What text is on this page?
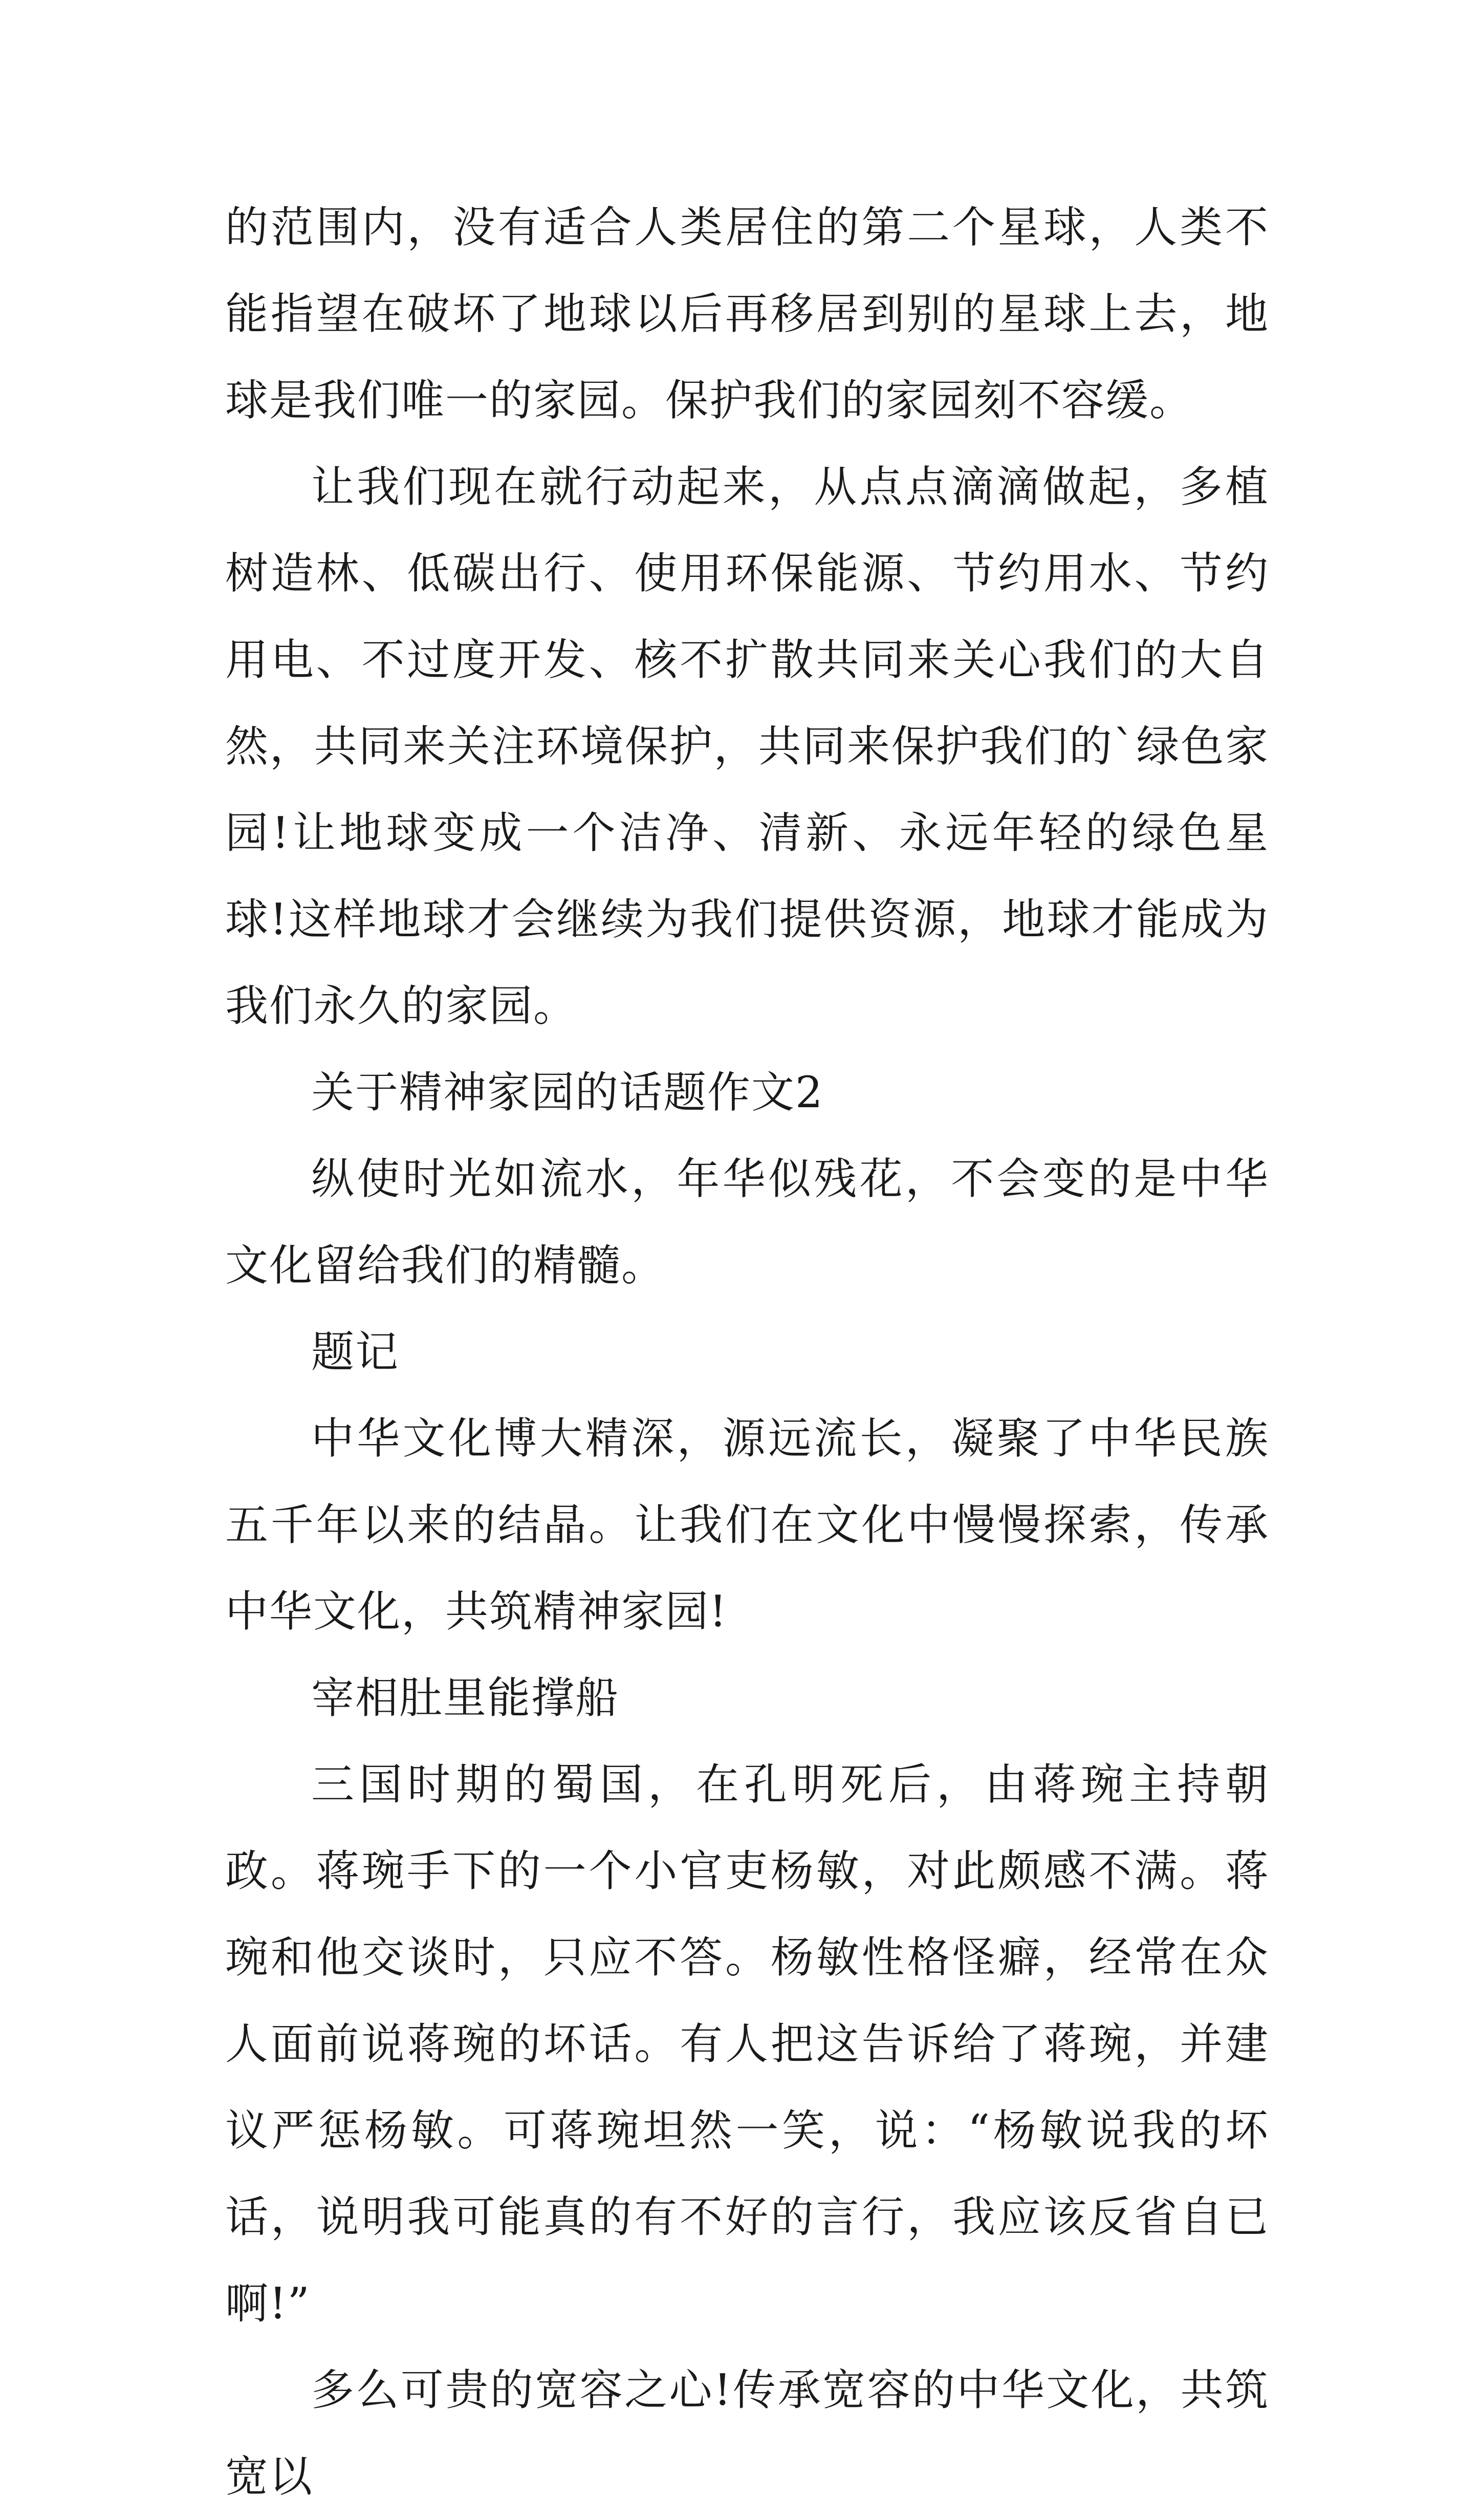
的范围内，没有适合人类居住的第二个星球，人类不能指望在破坏了地球以后再移居到别的星球上去，地球是我们唯一的家园。保护我们的家园刻不容缓。

让我们现在就行动起来，从点点滴滴做起，多植树造林、低碳出行、使用环保能源、节约用水、节约用电、不过度开发、核不扩散共同来关心我们的大自然，共同来关注环境保护，共同来保护我们的`绿色家园!让地球变成一个洁净、清新、永远年轻的绿色星球!这样地球才会继续为我们提供资源，地球才能成为我们永久的家园。

关于精神家园的话题作文2

纵使时光如流水，年华似残花，不会变的是中华文化留给我们的精髓。

题记

中华文化博大精深，源远流长，凝聚了中华民族五千年以来的结晶。让我们在文化中慢慢探索，传承中华文化，共筑精神家园!

宰相肚里能撑船

三国时期的蜀国，在孔明死后，由蒋琬主持朝政。蒋琬手下的一个小官吏杨敏，对此颇感不满。蒋琬和他交谈时，只应不答。杨敏性格怪癖，经常在众人面前说蒋琬的坏话。有人把这告诉给了蒋琬，并建议严惩杨敏。可蒋琬坦然一笑，说：“杨敏说我的坏话，说明我可能真的有不好的言行，我应该反省自已啊!”

多么可贵的宽容之心!传承宽容的中华文化，共筑宽以
